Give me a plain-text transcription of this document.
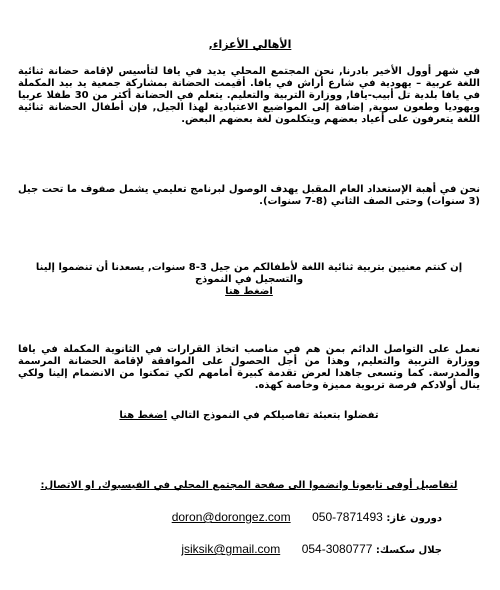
الأهالي الأعزاء,

في شهر أوول الأخير بادرنا, نحن المجتمع المحلي يديد في يافا لتأسيس لإقامة حضانة ثنائية اللغة عربية – يهودية في شارع أراش في يافا. أقيمت الحضانة بمشاركة جمعية يد بيد المكملة في يافا بلدية تل أبيب-يافا, ووزارة التربية والتعليم. يتعلم في الحضانة أكثر من 30 طفلا عربيا ويهوديا وطعون سوية, إضافة إلى المواضيع الاعتيادية لهذا الجيل, فإن أطفال الحضانة ثنائية اللغة يتعرفون على أعياد بعضهم ويتكلمون لغة بعضهم البعض.

نحن في أهبة الإستعداد العام المقبل يهدف الوصول لبرنامج تعليمي يشمل صفوف ما تحت جيل (3 سنوات) وحتى الصف الثاني (8-7 سنوات).

إن كنتم معنيين بتربية ثنائية اللغة لأطفالكم من جيل 3-8 سنوات, يسعدنا أن تنضموا إلينا والتسجيل في النموذج
اضغط هنا

نعمل على التواصل الدائم بمن هم في مناصب اتخاذ القرارات في الثانوية المكملة في يافا ووزارة التربية والتعليم, وهذا من أجل الحصول على الموافقة لإقامة الحضانة المرسمة والمدرسة. كما وتسعى جاهدا لعرض تقدمة كبيرة أمامهم لكي تمكنوا من الانضمام إلينا ولكي ينال أولادكم فرصة تربوية مميزة وخاصة كهذه.

تفضلوا بتعبئة تفاصيلكم في النموذج التالي اضغط هنا

لتفاصيل أوفى تابعونا وانضموا الى صفحة المجتمع المحلي في الفيسبوك, او الاتصال:

دورون غاز: 050-7871493 doron@dorongez.com
جلال سكسك: 054-3080777 jsiksik@gmail.com
